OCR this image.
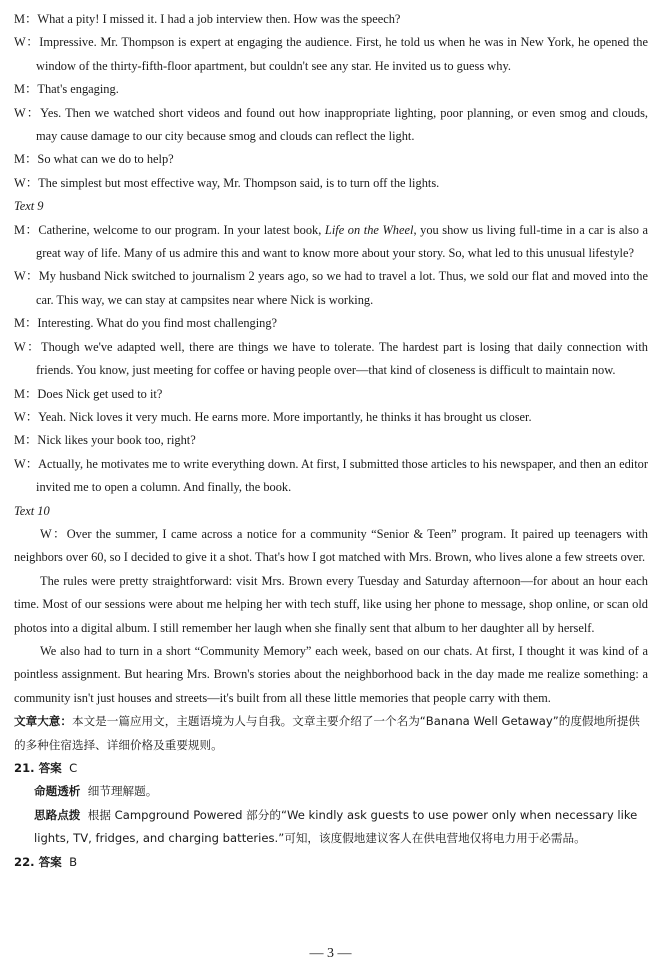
M：What a pity! I missed it. I had a job interview then. How was the speech?

W：Impressive. Mr. Thompson is expert at engaging the audience. First, he told us when he was in New York, he opened the window of the thirty-fifth-floor apartment, but couldn't see any star. He invited us to guess why.

M：That's engaging.

W：Yes. Then we watched short videos and found out how inappropriate lighting, poor planning, or even smog and clouds, may cause damage to our city because smog and clouds can reflect the light.

M：So what can we do to help?

W：The simplest but most effective way, Mr. Thompson said, is to turn off the lights.

Text 9

M：Catherine, welcome to our program. In your latest book, Life on the Wheel, you show us living full-time in a car is also a great way of life. Many of us admire this and want to know more about your story. So, what led to this unusual lifestyle?

W：My husband Nick switched to journalism 2 years ago, so we had to travel a lot. Thus, we sold our flat and moved into the car. This way, we can stay at campsites near where Nick is working.

M：Interesting. What do you find most challenging?

W：Though we've adapted well, there are things we have to tolerate. The hardest part is losing that daily connection with friends. You know, just meeting for coffee or having people over—that kind of closeness is difficult to maintain now.

M：Does Nick get used to it?

W：Yeah. Nick loves it very much. He earns more. More importantly, he thinks it has brought us closer.

M：Nick likes your book too, right?

W：Actually, he motivates me to write everything down. At first, I submitted those articles to his newspaper, and then an editor invited me to open a column. And finally, the book.

Text 10

W：Over the summer, I came across a notice for a community “Senior & Teen” program. It paired up teenagers with neighbors over 60, so I decided to give it a shot. That's how I got matched with Mrs. Brown, who lives alone a few streets over.

The rules were pretty straightforward: visit Mrs. Brown every Tuesday and Saturday afternoon—for about an hour each time. Most of our sessions were about me helping her with tech stuff, like using her phone to message, shop online, or scan old photos into a digital album. I still remember her laugh when she finally sent that album to her daughter all by herself.

We also had to turn in a short “Community Memory” each week, based on our chats. At first, I thought it was kind of a pointless assignment. But hearing Mrs. Brown's stories about the neighborhood back in the day made me realize something: a community isn't just houses and streets—it's built from all these little memories that people carry with them.

文章大意：本文是一篇应用文，主题语境为人与自我。文章主要介绍了一个名为“Banana Well Getaway”的度假地所提供的多种住宿选择、详细价格及重要规则。

21. 答案 C

命题透析 细节理解题。

思路点拨 根据 Campground Powered 部分的“We kindly ask guests to use power only when necessary like lights, TV, fridges, and charging batteries.”可知，该度假地建议客人在供电营地仅将电力用于必需品。

22. 答案 B

— 3 —
